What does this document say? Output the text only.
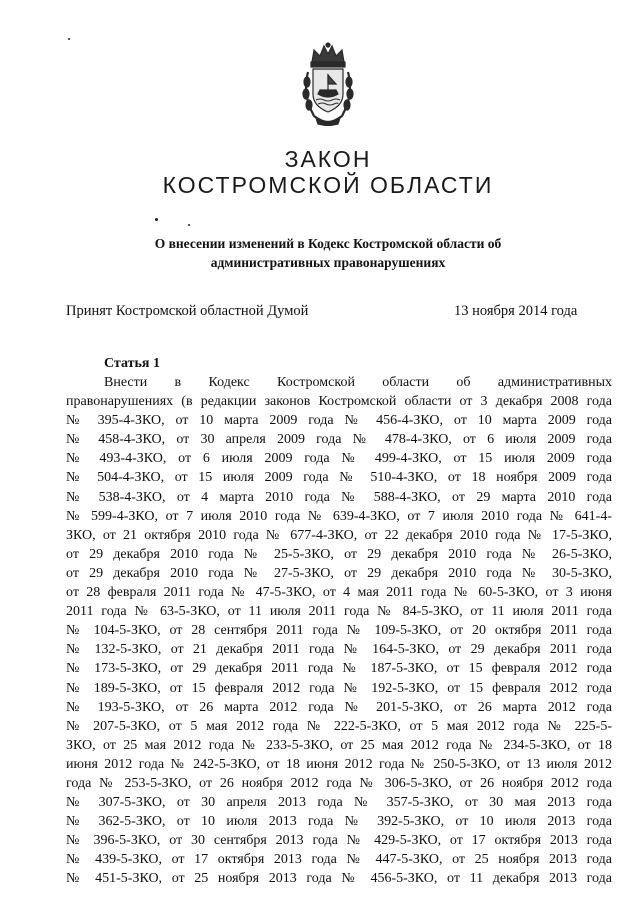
ЗАКОН
КОСТРОМСКОЙ ОБЛАСТИ
О внесении изменений в Кодекс Костромской области об
административных правонарушениях
Принят Костромской областной Думой	13 ноября 2014 года
Статья 1
Внести в Кодекс Костромской области об административных
правонарушениях (в редакции законов Костромской области от 3 декабря 2008 года
№ 395-4-ЗКО, от 10 марта 2009 года № 456-4-ЗКО, от 10 марта 2009 года
№ 458-4-ЗКО, от 30 апреля 2009 года № 478-4-ЗКО, от 6 июля 2009 года
№ 493-4-ЗКО, от 6 июля 2009 года № 499-4-ЗКО, от 15 июля 2009 года
№ 504-4-ЗКО, от 15 июля 2009 года № 510-4-ЗКО, от 18 ноября 2009 года
№ 538-4-ЗКО, от 4 марта 2010 года № 588-4-ЗКО, от 29 марта 2010 года
№ 599-4-ЗКО, от 7 июля 2010 года № 639-4-ЗКО, от 7 июля 2010 года № 641-4-
ЗКО, от 21 октября 2010 года № 677-4-ЗКО, от 22 декабря 2010 года № 17-5-ЗКО,
от 29 декабря 2010 года № 25-5-ЗКО, от 29 декабря 2010 года № 26-5-ЗКО,
от 29 декабря 2010 года № 27-5-ЗКО, от 29 декабря 2010 года № 30-5-ЗКО,
от 28 февраля 2011 года № 47-5-ЗКО, от 4 мая 2011 года № 60-5-ЗКО, от 3 июня
2011 года № 63-5-ЗКО, от 11 июля 2011 года № 84-5-ЗКО, от 11 июля 2011 года
№ 104-5-ЗКО, от 28 сентября 2011 года № 109-5-ЗКО, от 20 октября 2011 года
№ 132-5-ЗКО, от 21 декабря 2011 года № 164-5-ЗКО, от 29 декабря 2011 года
№ 173-5-ЗКО, от 29 декабря 2011 года № 187-5-ЗКО, от 15 февраля 2012 года
№ 189-5-ЗКО, от 15 февраля 2012 года № 192-5-ЗКО, от 15 февраля 2012 года
№ 193-5-ЗКО, от 26 марта 2012 года № 201-5-ЗКО, от 26 марта 2012 года
№ 207-5-ЗКО, от 5 мая 2012 года № 222-5-ЗКО, от 5 мая 2012 года № 225-5-
ЗКО, от 25 мая 2012 года № 233-5-ЗКО, от 25 мая 2012 года № 234-5-ЗКО, от 18
июня 2012 года № 242-5-ЗКО, от 18 июня 2012 года № 250-5-ЗКО, от 13 июля 2012
года № 253-5-ЗКО, от 26 ноября 2012 года № 306-5-ЗКО, от 26 ноября 2012 года
№ 307-5-ЗКО, от 30 апреля 2013 года № 357-5-ЗКО, от 30 мая 2013 года
№ 362-5-ЗКО, от 10 июля 2013 года № 392-5-ЗКО, от 10 июля 2013 года
№ 396-5-ЗКО, от 30 сентября 2013 года № 429-5-ЗКО, от 17 октября 2013 года
№ 439-5-ЗКО, от 17 октября 2013 года № 447-5-ЗКО, от 25 ноября 2013 года
№ 451-5-ЗКО, от 25 ноября 2013 года № 456-5-ЗКО, от 11 декабря 2013 года
